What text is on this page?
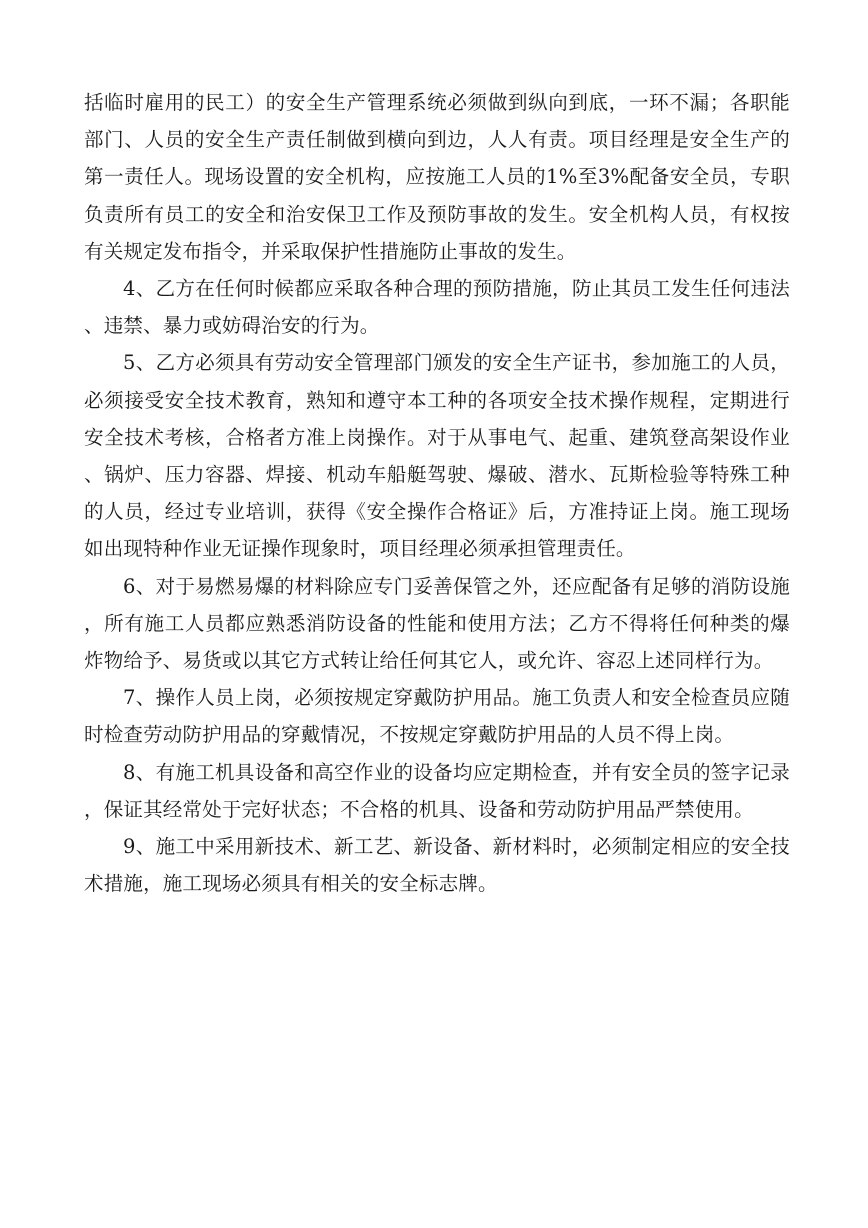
括临时雇用的民工）的安全生产管理系统必须做到纵向到底，一环不漏；各职能部门、人员的安全生产责任制做到横向到边，人人有责。项目经理是安全生产的第一责任人。现场设置的安全机构，应按施工人员的1%至3%配备安全员，专职负责所有员工的安全和治安保卫工作及预防事故的发生。安全机构人员，有权按有关规定发布指令，并采取保护性措施防止事故的发生。

4、乙方在任何时候都应采取各种合理的预防措施，防止其员工发生任何违法、违禁、暴力或妨碍治安的行为。

5、乙方必须具有劳动安全管理部门颁发的安全生产证书，参加施工的人员，必须接受安全技术教育，熟知和遵守本工种的各项安全技术操作规程，定期进行安全技术考核，合格者方准上岗操作。对于从事电气、起重、建筑登高架设作业、锅炉、压力容器、焊接、机动车船艇驾驶、爆破、潜水、瓦斯检验等特殊工种的人员，经过专业培训，获得《安全操作合格证》后，方准持证上岗。施工现场如出现特种作业无证操作现象时，项目经理必须承担管理责任。

6、对于易燃易爆的材料除应专门妥善保管之外，还应配备有足够的消防设施，所有施工人员都应熟悉消防设备的性能和使用方法；乙方不得将任何种类的爆炸物给予、易货或以其它方式转让给任何其它人，或允许、容忍上述同样行为。

7、操作人员上岗，必须按规定穿戴防护用品。施工负责人和安全检查员应随时检查劳动防护用品的穿戴情况，不按规定穿戴防护用品的人员不得上岗。

8、有施工机具设备和高空作业的设备均应定期检查，并有安全员的签字记录，保证其经常处于完好状态；不合格的机具、设备和劳动防护用品严禁使用。

9、施工中采用新技术、新工艺、新设备、新材料时，必须制定相应的安全技术措施，施工现场必须具有相关的安全标志牌。
